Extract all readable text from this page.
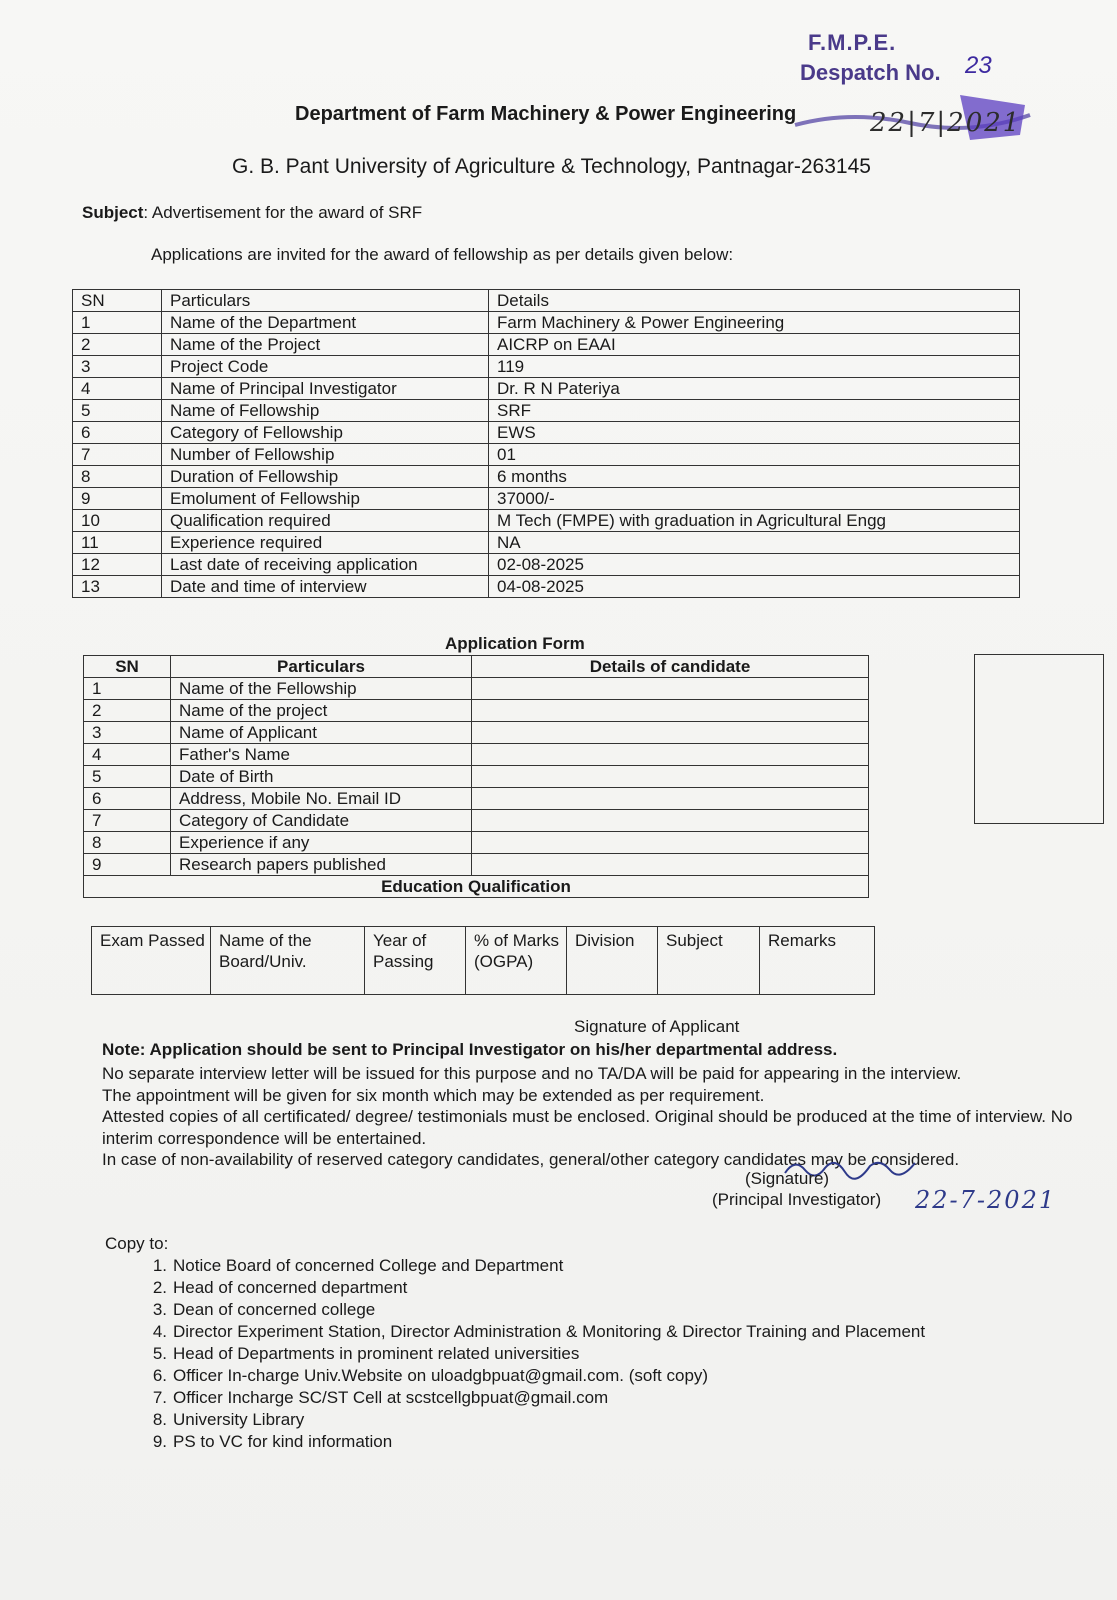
F.M.P.E.
Despatch No. 23
22|7|2021
Department of Farm Machinery & Power Engineering
G. B. Pant University of Agriculture & Technology, Pantnagar-263145
Subject: Advertisement for the award of SRF
Applications are invited for the award of fellowship as per details given below:
SN	Particulars	Details
1	Name of the Department	Farm Machinery & Power Engineering
2	Name of the Project	AICRP on EAAI
3	Project Code	119
4	Name of Principal Investigator	Dr. R N Pateriya
5	Name of Fellowship	SRF
6	Category of Fellowship	EWS
7	Number of Fellowship	01
8	Duration of Fellowship	6 months
9	Emolument of Fellowship	37000/-
10	Qualification required	M Tech (FMPE) with graduation in Agricultural Engg
11	Experience required	NA
12	Last date of receiving application	02-08-2025
13	Date and time of interview	04-08-2025
Application Form
SN	Particulars	Details of candidate
1	Name of the Fellowship	
2	Name of the project	
3	Name of Applicant	
4	Father's Name	
5	Date of Birth	
6	Address, Mobile No. Email ID	
7	Category of Candidate	
8	Experience if any	
9	Research papers published	
Education Qualification		
Exam Passed	Name of the Board/Univ.	Year of Passing	% of Marks (OGPA)	Division	Subject	Remarks
Signature of Applicant
Note: Application should be sent to Principal Investigator on his/her departmental address.

No separate interview letter will be issued for this purpose and no TA/DA will be paid for appearing in the interview.

The appointment will be given for six month which may be extended as per requirement.

Attested copies of all certificated/ degree/ testimonials must be enclosed. Original should be produced at the time of interview. No interim correspondence will be entertained.

In case of non-availability of reserved category candidates, general/other category candidates may be considered.

(Signature)
(Principal Investigator) 22-7-2021
Copy to:
1. Notice Board of concerned College and Department
2. Head of concerned department
3. Dean of concerned college
4. Director Experiment Station, Director Administration & Monitoring & Director Training and Placement
5. Head of Departments in prominent related universities
6. Officer In-charge Univ.Website on uloadgbpuat@gmail.com. (soft copy)
7. Officer Incharge SC/ST Cell at scstcellgbpuat@gmail.com
8. University Library
9. PS to VC for kind information
